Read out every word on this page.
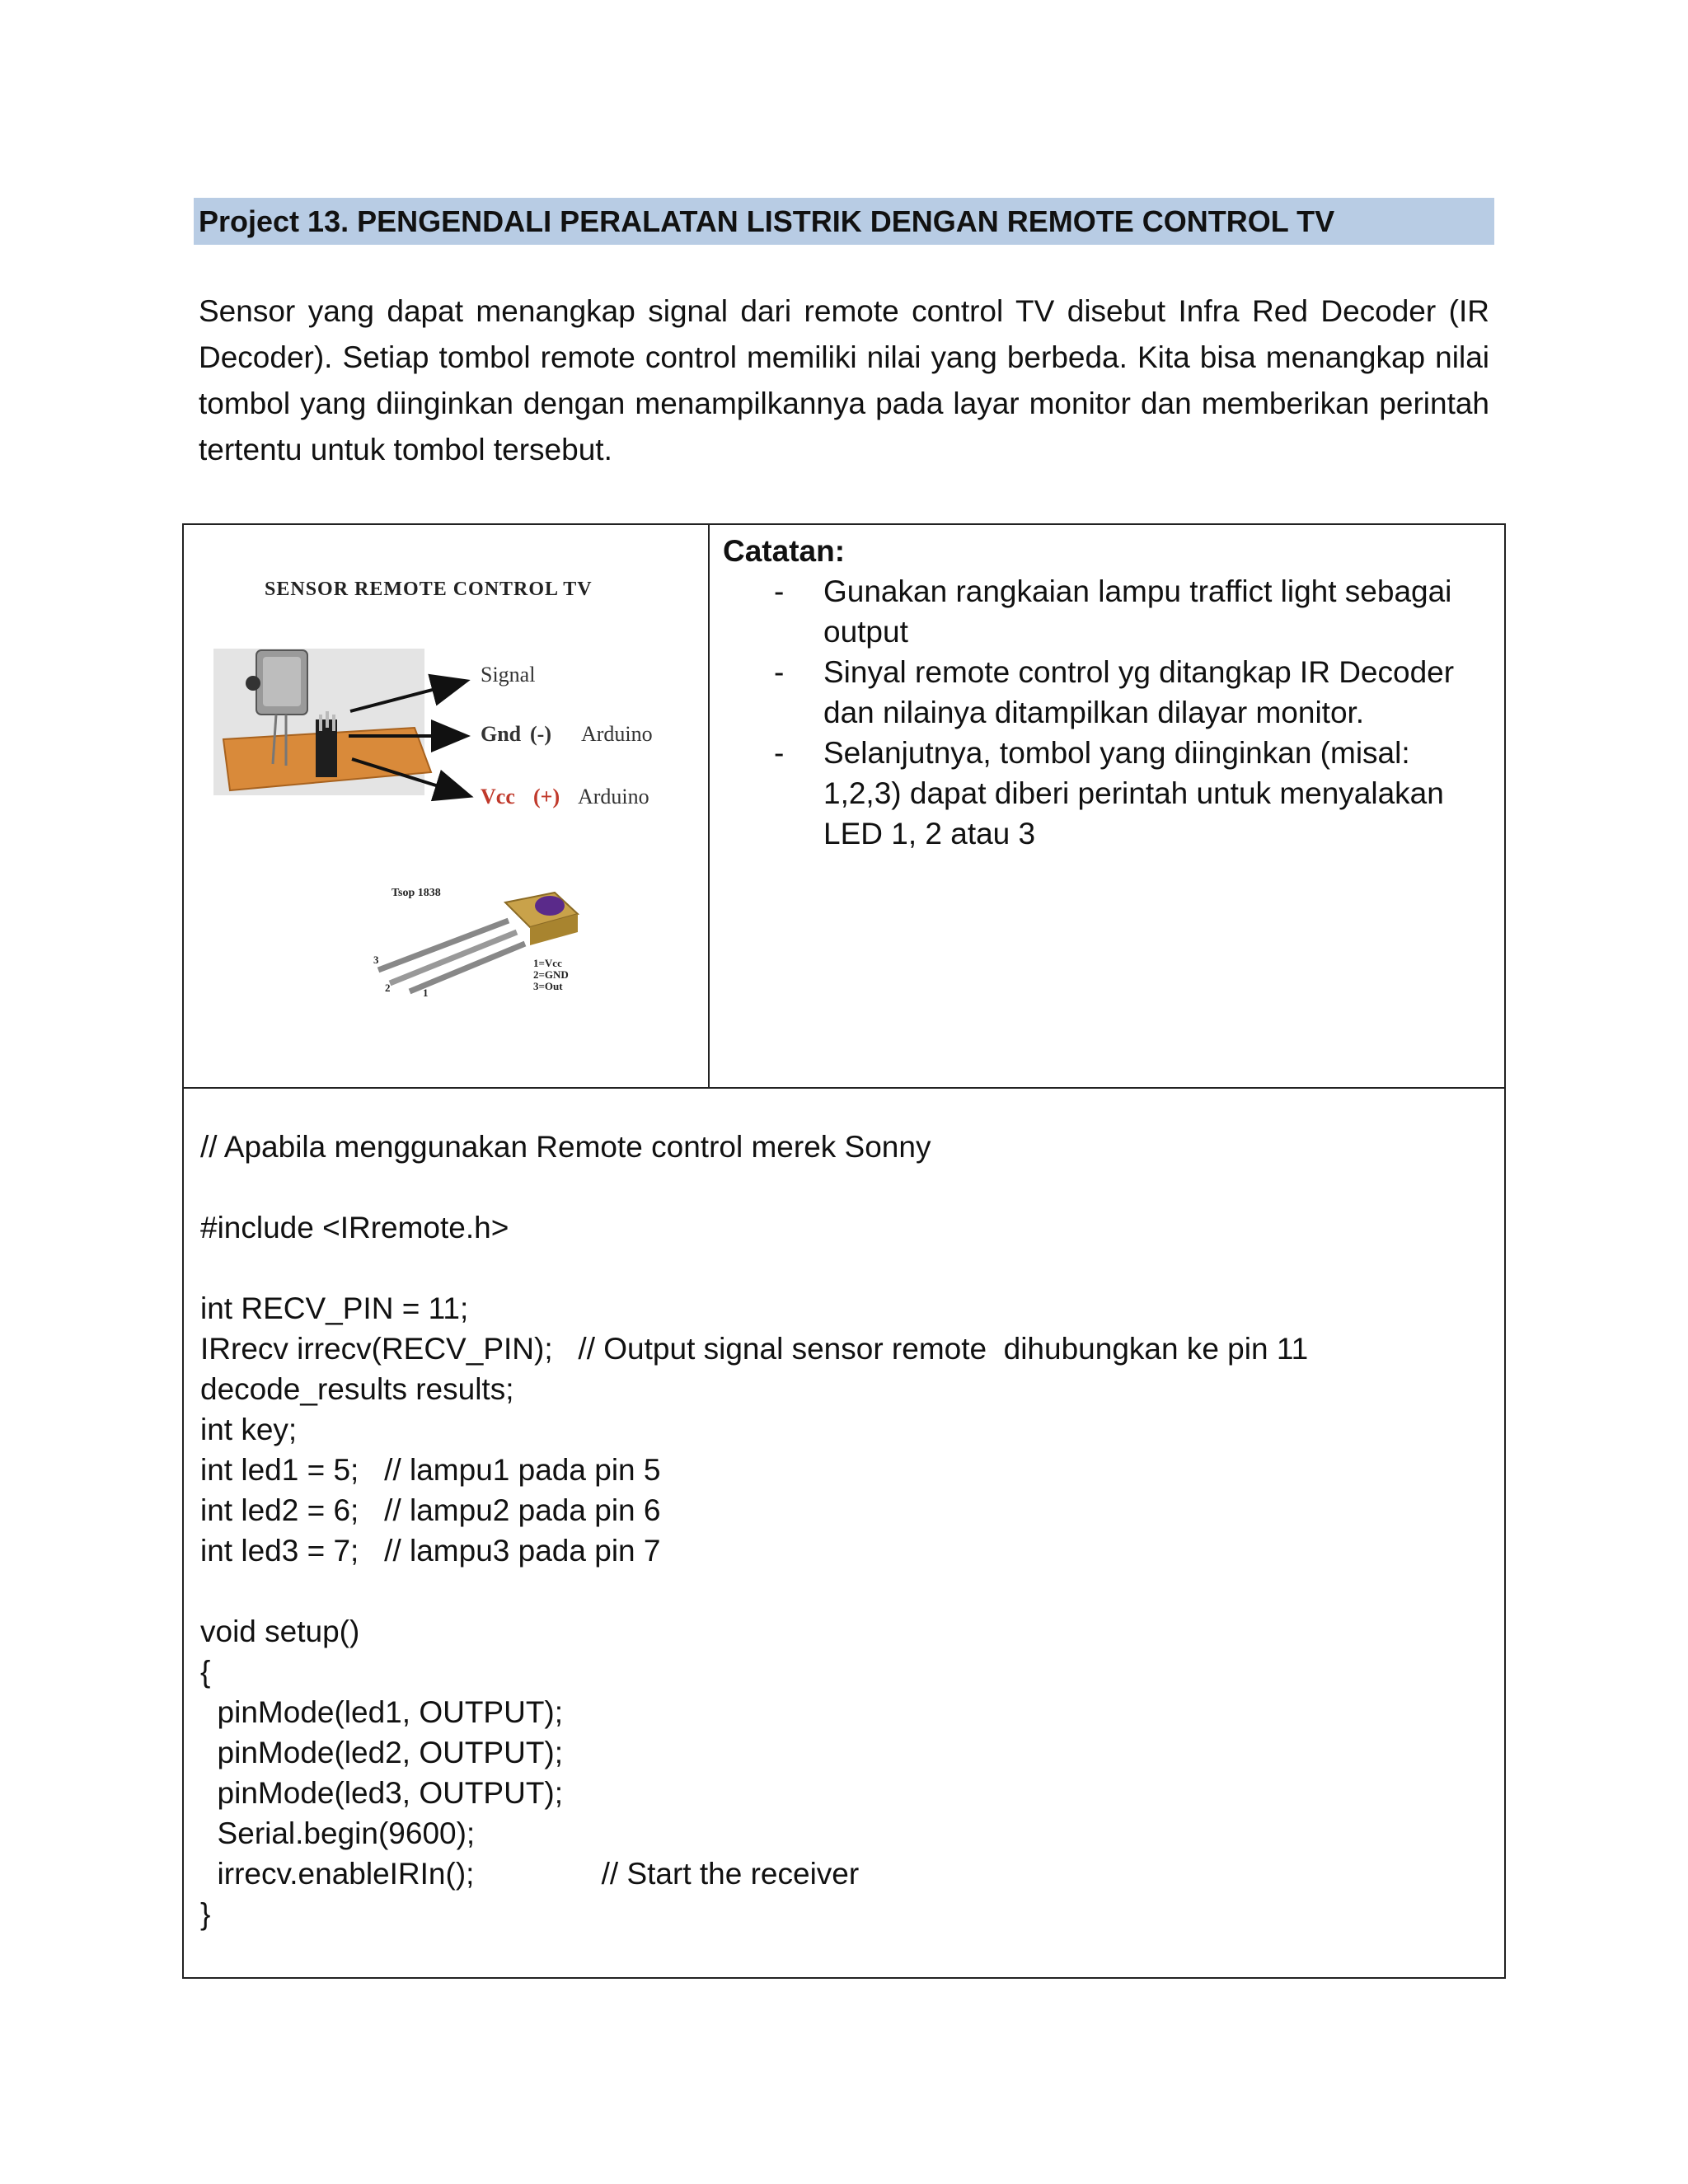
Project 13. PENGENDALI PERALATAN LISTRIK DENGAN REMOTE CONTROL TV

Sensor yang dapat menangkap signal dari remote control TV disebut Infra Red Decoder (IR Decoder). Setiap tombol remote control memiliki nilai yang berbeda. Kita bisa menangkap nilai tombol yang diinginkan dengan menampilkannya pada layar monitor dan memberikan perintah tertentu untuk tombol tersebut.

SENSOR REMOTE CONTROL TV
Signal
Gnd (-) Arduino
Vcc (+) Arduino
Tsop 1838
3
2	1
1=Vcc
2=GND
3=Out
Catatan:
- Gunakan rangkaian lampu traffict light sebagai
output
- Sinyal remote control yg ditangkap IR Decoder
dan nilainya ditampilkan dilayar monitor.
- Selanjutnya, tombol yang diinginkan (misal:
1,2,3) dapat diberi perintah untuk menyalakan
LED 1, 2 atau 3
// Apabila menggunakan Remote control merek Sonny
#include <IRremote.h>
int RECV_PIN = 11;
IRrecv irrecv(RECV_PIN);   // Output signal sensor remote  dihubungkan ke pin 11
decode_results results;
int key;
int led1 = 5;   // lampu1 pada pin 5
int led2 = 6;   // lampu2 pada pin 6
int led3 = 7;   // lampu3 pada pin 7
void setup()
{
pinMode(led1, OUTPUT);
pinMode(led2, OUTPUT);
pinMode(led3, OUTPUT);
Serial.begin(9600);
irrecv.enableIRIn();               // Start the receiver
}
